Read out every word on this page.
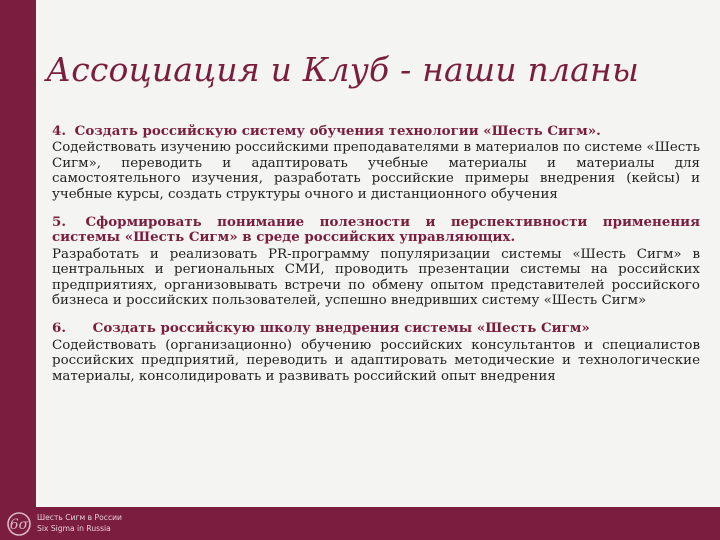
Ассоциация и Клуб - наши планы

4. Создать российскую систему обучения технологии «Шесть Сигм».

Содействовать изучению российскими преподавателями в материалов по системе «Шесть Сигм», переводить и адаптировать учебные материалы и материалы для самостоятельного изучения, разработать российские примеры внедрения (кейсы) и учебные курсы, создать структуры очного и дистанционного обучения

5. Сформировать понимание полезности и перспективности применения системы «Шесть Сигм» в среде российских управляющих.

Разработать и реализовать PR-программу популяризации системы «Шесть Сигм» в центральных и региональных СМИ, проводить презентации системы на российских предприятиях, организовывать встречи по обмену опытом представителей российского бизнеса и российских пользователей, успешно внедривших систему «Шесть Сигм»

6. Создать российскую школу внедрения системы «Шесть Сигм»

Содействовать (организационно) обучению российских консультантов и специалистов российских предприятий, переводить и адаптировать методические и технологические материалы, консолидировать и развивать российский опыт внедрения

6σ Шесть Сигм в России
Six Sigma in Russia
